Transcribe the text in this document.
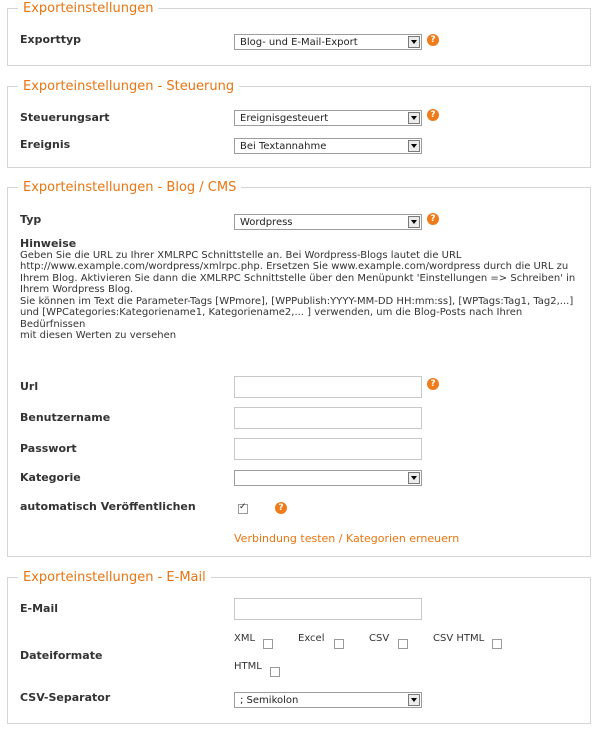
Exporteinstellungen
Exporttyp	Blog- und E-Mail-Export	?
Exporteinstellungen - Steuerung
Steuerungsart	Ereignisgesteuert	?
Ereignis	Bei Textannahme
Exporteinstellungen - Blog / CMS
Typ	Wordpress	?
Hinweise
Geben Sie die URL zu Ihrer XMLRPC Schnittstelle an. Bei Wordpress-Blogs lautet die URL
http://www.example.com/wordpress/xmlrpc.php. Ersetzen Sie www.example.com/wordpress durch die URL zu
Ihrem Blog. Aktivieren Sie dann die XMLRPC Schnittstelle über den Menüpunkt 'Einstellungen => Schreiben' in
Ihrem Wordpress Blog.
Sie können im Text die Parameter-Tags [WPmore], [WPPublish:YYYY-MM-DD HH:mm:ss], [WPTags:Tag1, Tag2,...]
und [WPCategories:Kategoriename1, Kategoriename2,... ] verwenden, um die Blog-Posts nach Ihren Bedürfnissen
mit diesen Werten zu versehen
Url	?
Benutzername
Passwort
Kategorie
automatisch Veröffentlichen
✓	?
Verbindung testen / Kategorien erneuern
Exporteinstellungen - E-Mail
E-Mail
Dateiformate
XML	Excel	CSV	CSV HTML
HTML
CSV-Separator	; Semikolon
